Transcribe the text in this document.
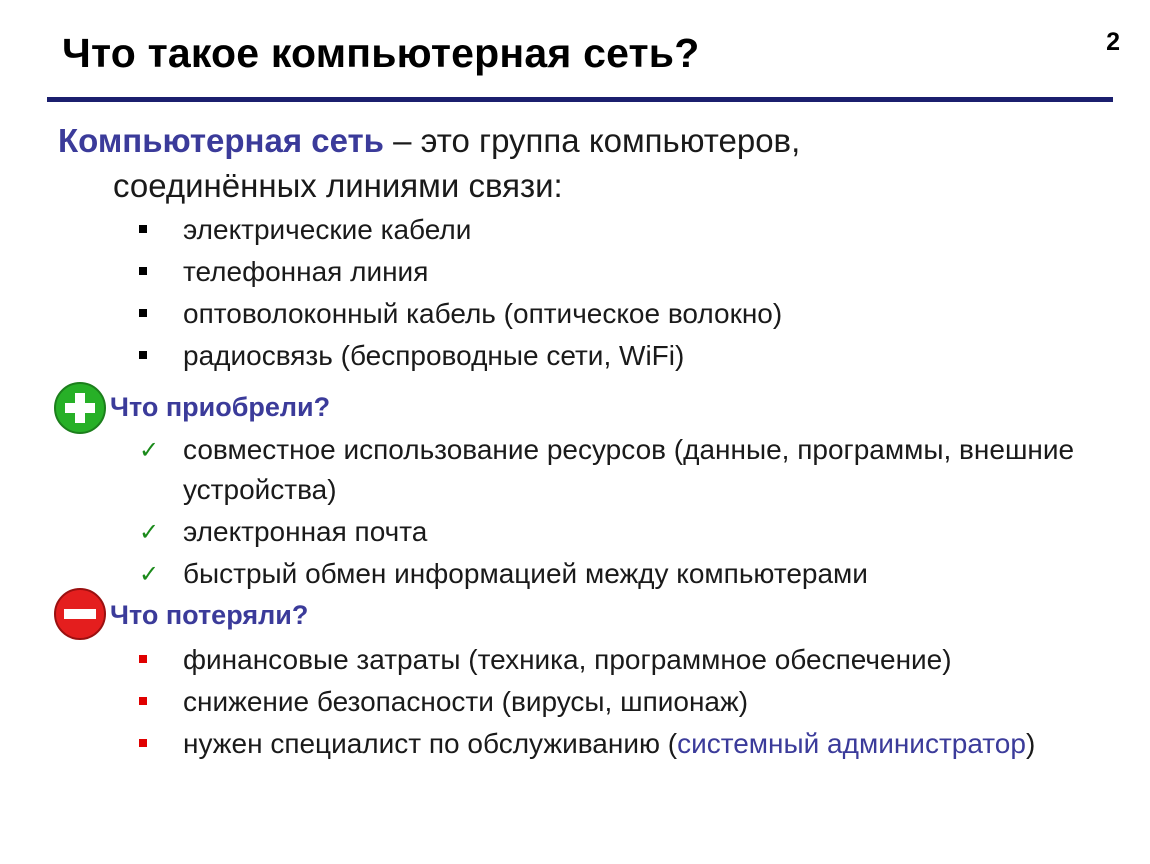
Что такое компьютерная сеть?	2
Компьютерная сеть – это группа компьютеров,
соединённых линиями связи:
электрические кабели
телефонная линия
оптоволоконный кабель (оптическое волокно)
радиосвязь (беспроводные сети, WiFi)
Что приобрели?
✓ совместное использование ресурсов (данные, программы, внешние устройства)
✓ электронная почта
✓ быстрый обмен информацией между компьютерами
Что потеряли?
финансовые затраты (техника, программное обеспечение)
снижение безопасности (вирусы, шпионаж)
нужен специалист по обслуживанию (системный администратор)
